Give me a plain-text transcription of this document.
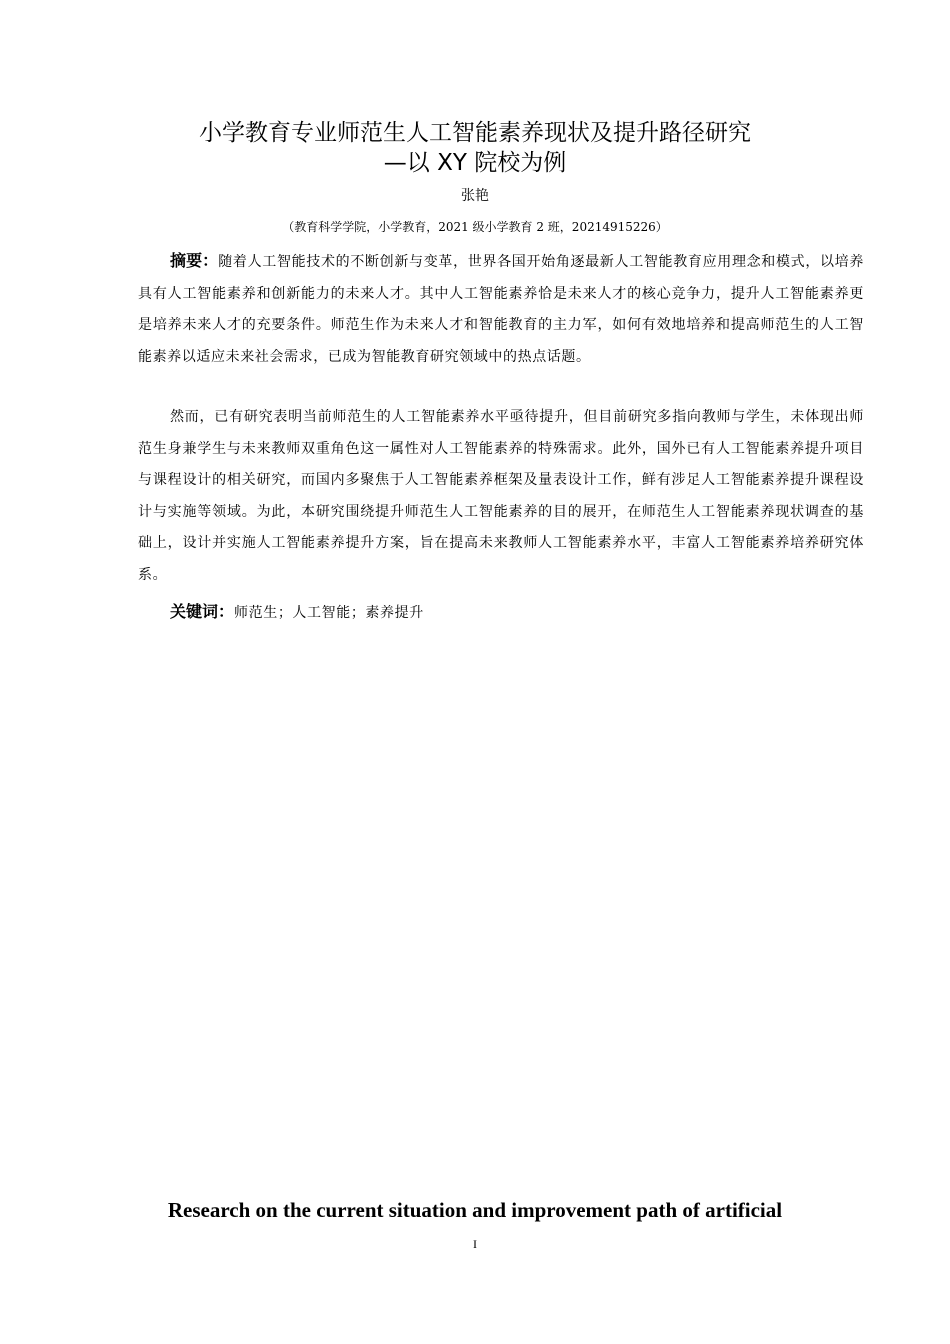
小学教育专业师范生人工智能素养现状及提升路径研究
—以 XY 院校为例
张艳
（教育科学学院，小学教育，2021 级小学教育 2 班，20214915226）

摘要：随着人工智能技术的不断创新与变革，世界各国开始角逐最新人工智能教育应用理念和模式，以培养具有人工智能素养和创新能力的未来人才。其中人工智能素养恰是未来人才的核心竞争力，提升人工智能素养更是培养未来人才的充要条件。师范生作为未来人才和智能教育的主力军，如何有效地培养和提高师范生的人工智能素养以适应未来社会需求，已成为智能教育研究领域中的热点话题。

然而，已有研究表明当前师范生的人工智能素养水平亟待提升，但目前研究多指向教师与学生，未体现出师范生身兼学生与未来教师双重角色这一属性对人工智能素养的特殊需求。此外，国外已有人工智能素养提升项目与课程设计的相关研究，而国内多聚焦于人工智能素养框架及量表设计工作，鲜有涉足人工智能素养提升课程设计与实施等领域。为此，本研究围绕提升师范生人工智能素养的目的展开，在师范生人工智能素养现状调查的基础上，设计并实施人工智能素养提升方案，旨在提高未来教师人工智能素养水平，丰富人工智能素养培养研究体系。

关键词：师范生；人工智能；素养提升

Research on the current situation and improvement path of artificial
I
